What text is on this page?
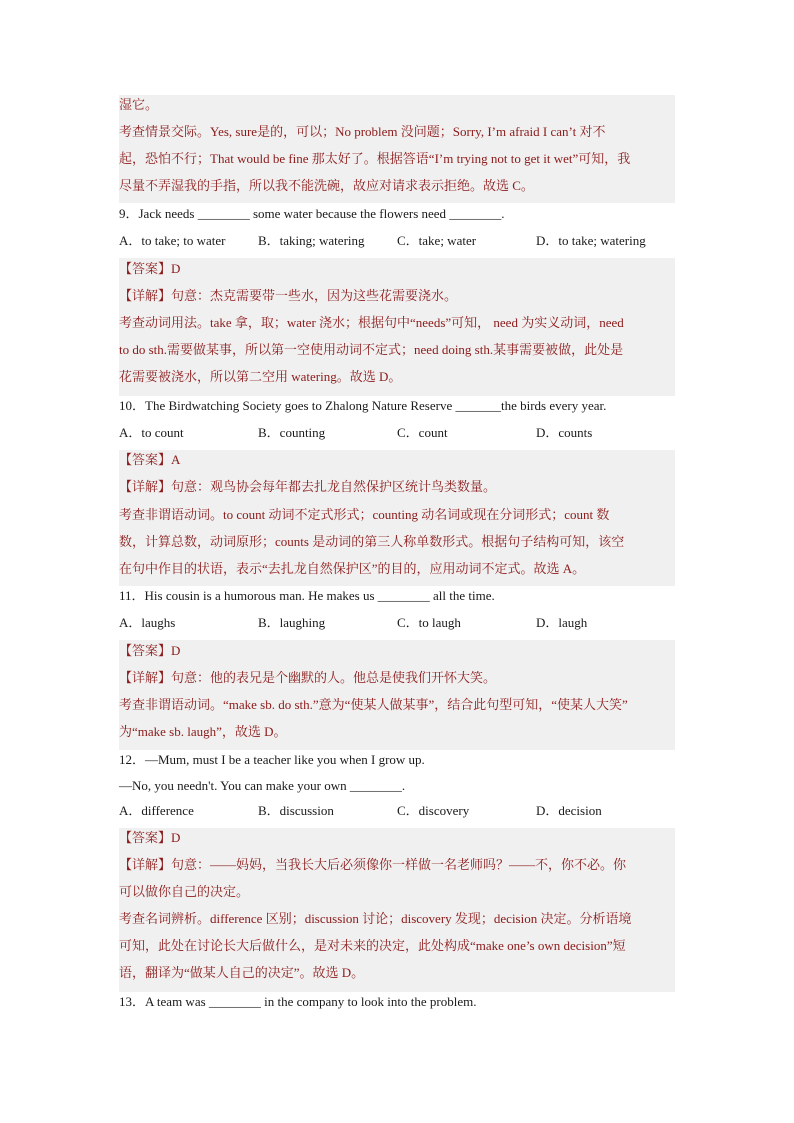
湿它。
考查情景交际。Yes, sure是的，可以；No problem 没问题；Sorry, I’m afraid I can’t 对不
起，恐怕不行；That would be fine 那太好了。根据答语“I’m trying not to get it wet”可知，我
尽量不弄湿我的手指，所以我不能洗碗，故应对请求表示拒绝。故选 C。
9．Jack needs ________ some water because the flowers need ________.
A．to take; to water	B．taking; watering C．take; water	D．to take; watering
【答案】D
【详解】句意：杰克需要带一些水，因为这些花需要浇水。
考查动词用法。take 拿，取；water 浇水；根据句中“needs”可知， need 为实义动词，need
to do sth.需要做某事，所以第一空使用动词不定式；need doing sth.某事需要被做，此处是
花需要被浇水，所以第二空用 watering。故选 D。
10．The Birdwatching Society goes to Zhalong Nature Reserve _______the birds every year.
A．to count	B．counting	C．count	D．counts
【答案】A
【详解】句意：观鸟协会每年都去扎龙自然保护区统计鸟类数量。
考查非谓语动词。to count 动词不定式形式；counting 动名词或现在分词形式；count 数
数，计算总数，动词原形；counts 是动词的第三人称单数形式。根据句子结构可知，该空
在句中作目的状语，表示“去扎龙自然保护区”的目的，应用动词不定式。故选 A。
11．His cousin is a humorous man. He makes us ________ all the time.
A．laughs	B．laughing	C．to laugh	D．laugh
【答案】D
【详解】句意：他的表兄是个幽默的人。他总是使我们开怀大笑。
考查非谓语动词。“make sb. do sth.”意为“使某人做某事”，结合此句型可知，“使某人大笑”
为“make sb. laugh”，故选 D。
12．—Mum, must I be a teacher like you when I grow up.
—No, you needn't. You can make your own ________.
A．difference	B．discussion	C．discovery	D．decision
【答案】D
【详解】句意：——妈妈，当我长大后必须像你一样做一名老师吗？——不，你不必。你
可以做你自己的决定。
考查名词辨析。difference 区别；discussion 讨论；discovery 发现；decision 决定。分析语境
可知，此处在讨论长大后做什么，是对未来的决定，此处构成“make one’s own decision”短
语，翻译为“做某人自己的决定”。故选 D。
13．A team was ________ in the company to look into the problem.
